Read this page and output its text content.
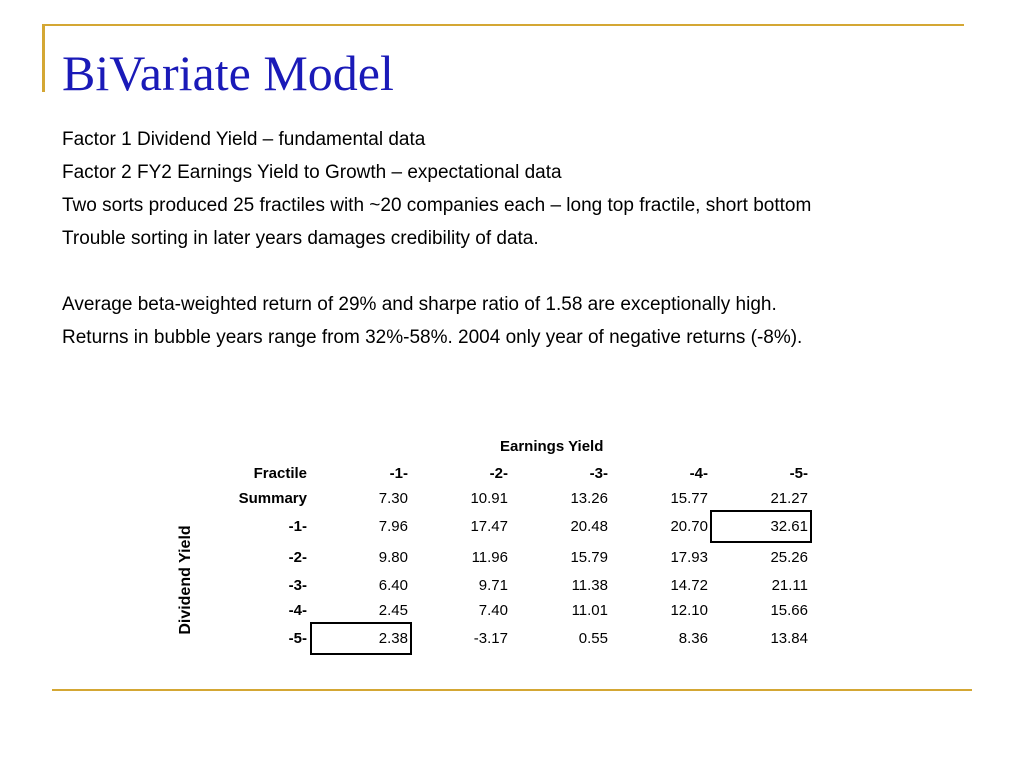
BiVariate Model
Factor 1 Dividend Yield – fundamental data
Factor 2 FY2 Earnings Yield to Growth – expectational data
Two sorts produced 25 fractiles with ~20 companies each – long top fractile, short bottom
Trouble sorting in later years damages credibility of data.
Average beta-weighted return of 29% and sharpe ratio of 1.58 are exceptionally high.
Returns in bubble years range from 32%-58%. 2004 only year of negative returns (-8%).
Earnings Yield
Dividend Yield
Fractile	-1-	-2-	-3-	-4-	-5-
Summary	7.30	10.91	13.26	15.77	21.27
-1-	7.96	17.47	20.48	20.70	32.61
-2-	9.80	11.96	15.79	17.93	25.26
-3-	6.40	9.71	11.38	14.72	21.11
-4-	2.45	7.40	11.01	12.10	15.66
-5-	2.38	-3.17	0.55	8.36	13.84
